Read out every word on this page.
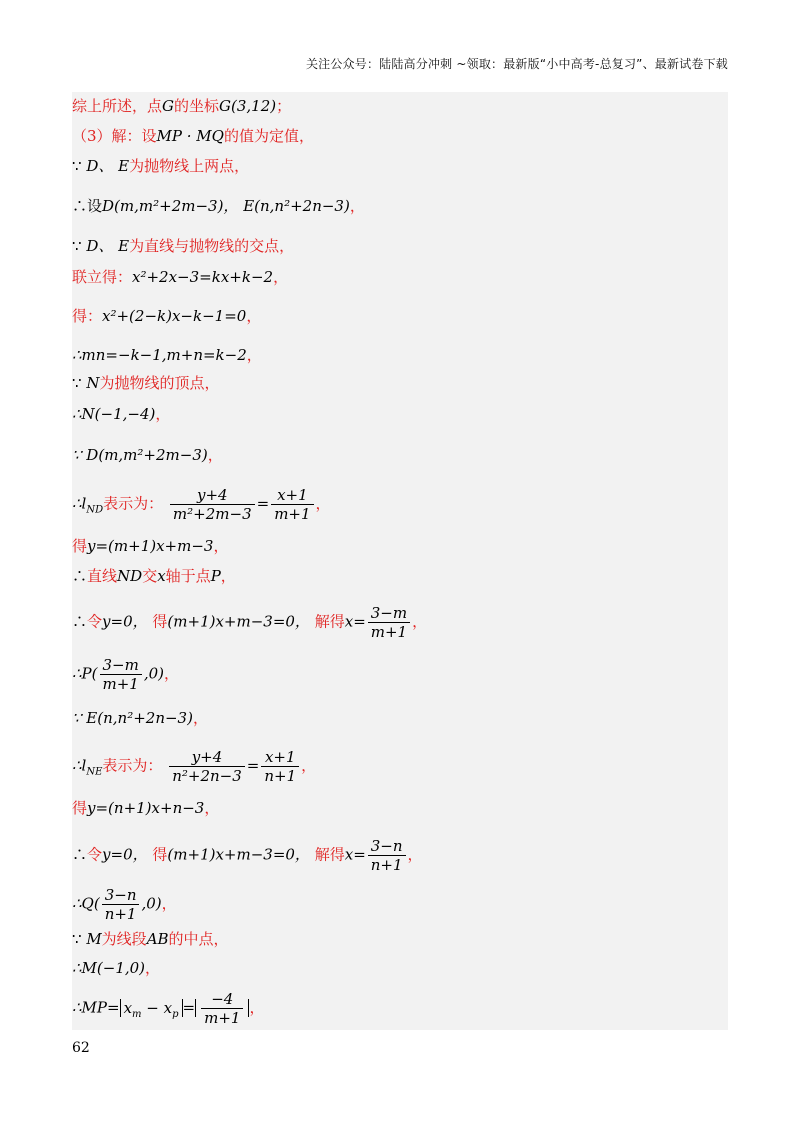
关注公众号：陆陆高分冲刺 ~领取：最新版“小中高考-总复习”、最新试卷下载
综上所述，点G的坐标G(3,12)；
（3）解：设MP · MQ的值为定值，
∵ D、 E为抛物线上两点，
∴设D(m,m²+2m−3)， E(n,n²+2n−3)，
∵ D、 E为直线与抛物线的交点，
联立得：x²+2x−3=kx+k−2，
得：x²+(2−k)x−k−1=0，
∴mn=−k−1,m+n=k−2，
∵ N为抛物线的顶点，
∴N(−1,−4)，
∵ D(m,m²+2m−3)，
$\therefore l_{ND}$表示为： $\frac{y+4}{\text{m²+2m−3}} = \frac{x+1}{m+1}$ ，
得y=(m+1)x+m−3，
∴直线ND交x轴于点P，
∴令y=0， 得(m+1)x+m−3=0， 解得$x= \frac{3-m}{m+1}$ ，
∴P( $\frac{3-m}{m+1} ,0$)，
∵ E(n,n²+2n−3)，
$\therefore l_{NE}$表示为： $\frac{y+4}{\text{n²+2n−3}} = \frac{x+1}{n+1}$ ，
得y=(n+1)x+n−3，
∴令y=0， 得(m+1)x+m−3=0， 解得$x= \frac{3-n}{n+1}$ ，
∴Q( $\frac{3-n}{n+1} ,0$)，
∵ M为线段AB的中点，
∴M(−1,0)，
∴MP= $x_m - x_p = \frac{-4}{m+1}$ ，
62
